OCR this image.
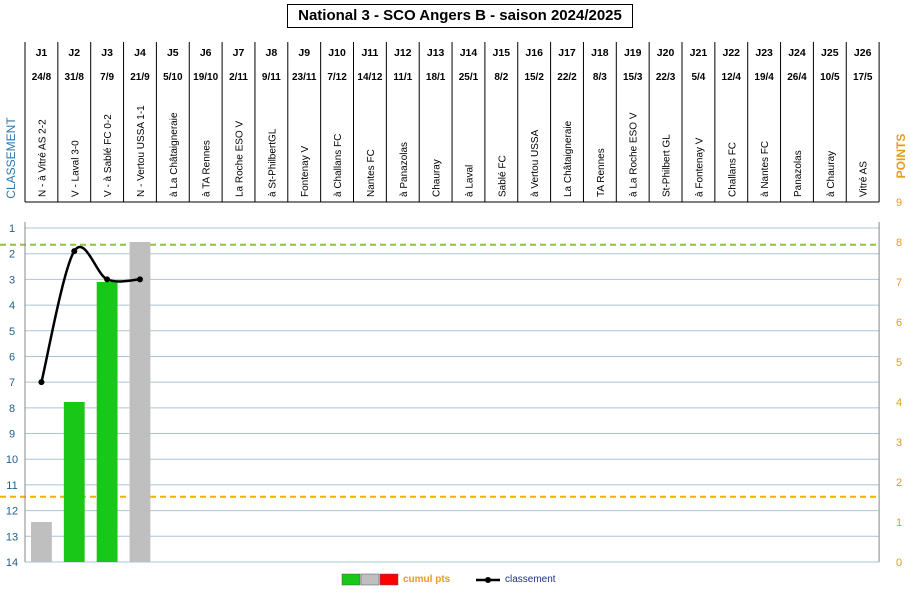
J1
24/8
N - à Vitré AS 2-2
J2
31/8
V - Laval 3-0
J3
7/9
V - à Sablé FC 0-2
J4
21/9
N - Vertou USSA 1-1
J5
5/10
à La Châtaigneraie
J6
19/10
à TA Rennes
J7
2/11
La Roche ESO V
J8
9/11
à St-PhilbertGL
J9
23/11
Fontenay V
J10
7/12
à Challans FC
J11
14/12
Nantes FC
J12
11/1
à Panazolas
J13
18/1
Chauray
J14
25/1
à Laval
J15
8/2
Sablé FC
J16
15/2
à Vertou USSA
J17
22/2
La Châtaigneraie
J18
8/3
TA Rennes
J19
15/3
à La Roche ESO V
J20
22/3
St-Philbert GL
J21
5/4
à Fontenay V
J22
12/4
Challans FC
J23
19/4
à Nantes FC
J24
26/4
Panazolas
J25
10/5
à Chauray
J26
17/5
Vitré AS
1
2
3
4
5
6
7
8
9
10
11
12
13
14	0
1
2
3
4
5
6
7
8
9
National 3 - SCO Angers B - saison 2024/2025
CLASSEMENT	POINTS
cumul pts	classement
